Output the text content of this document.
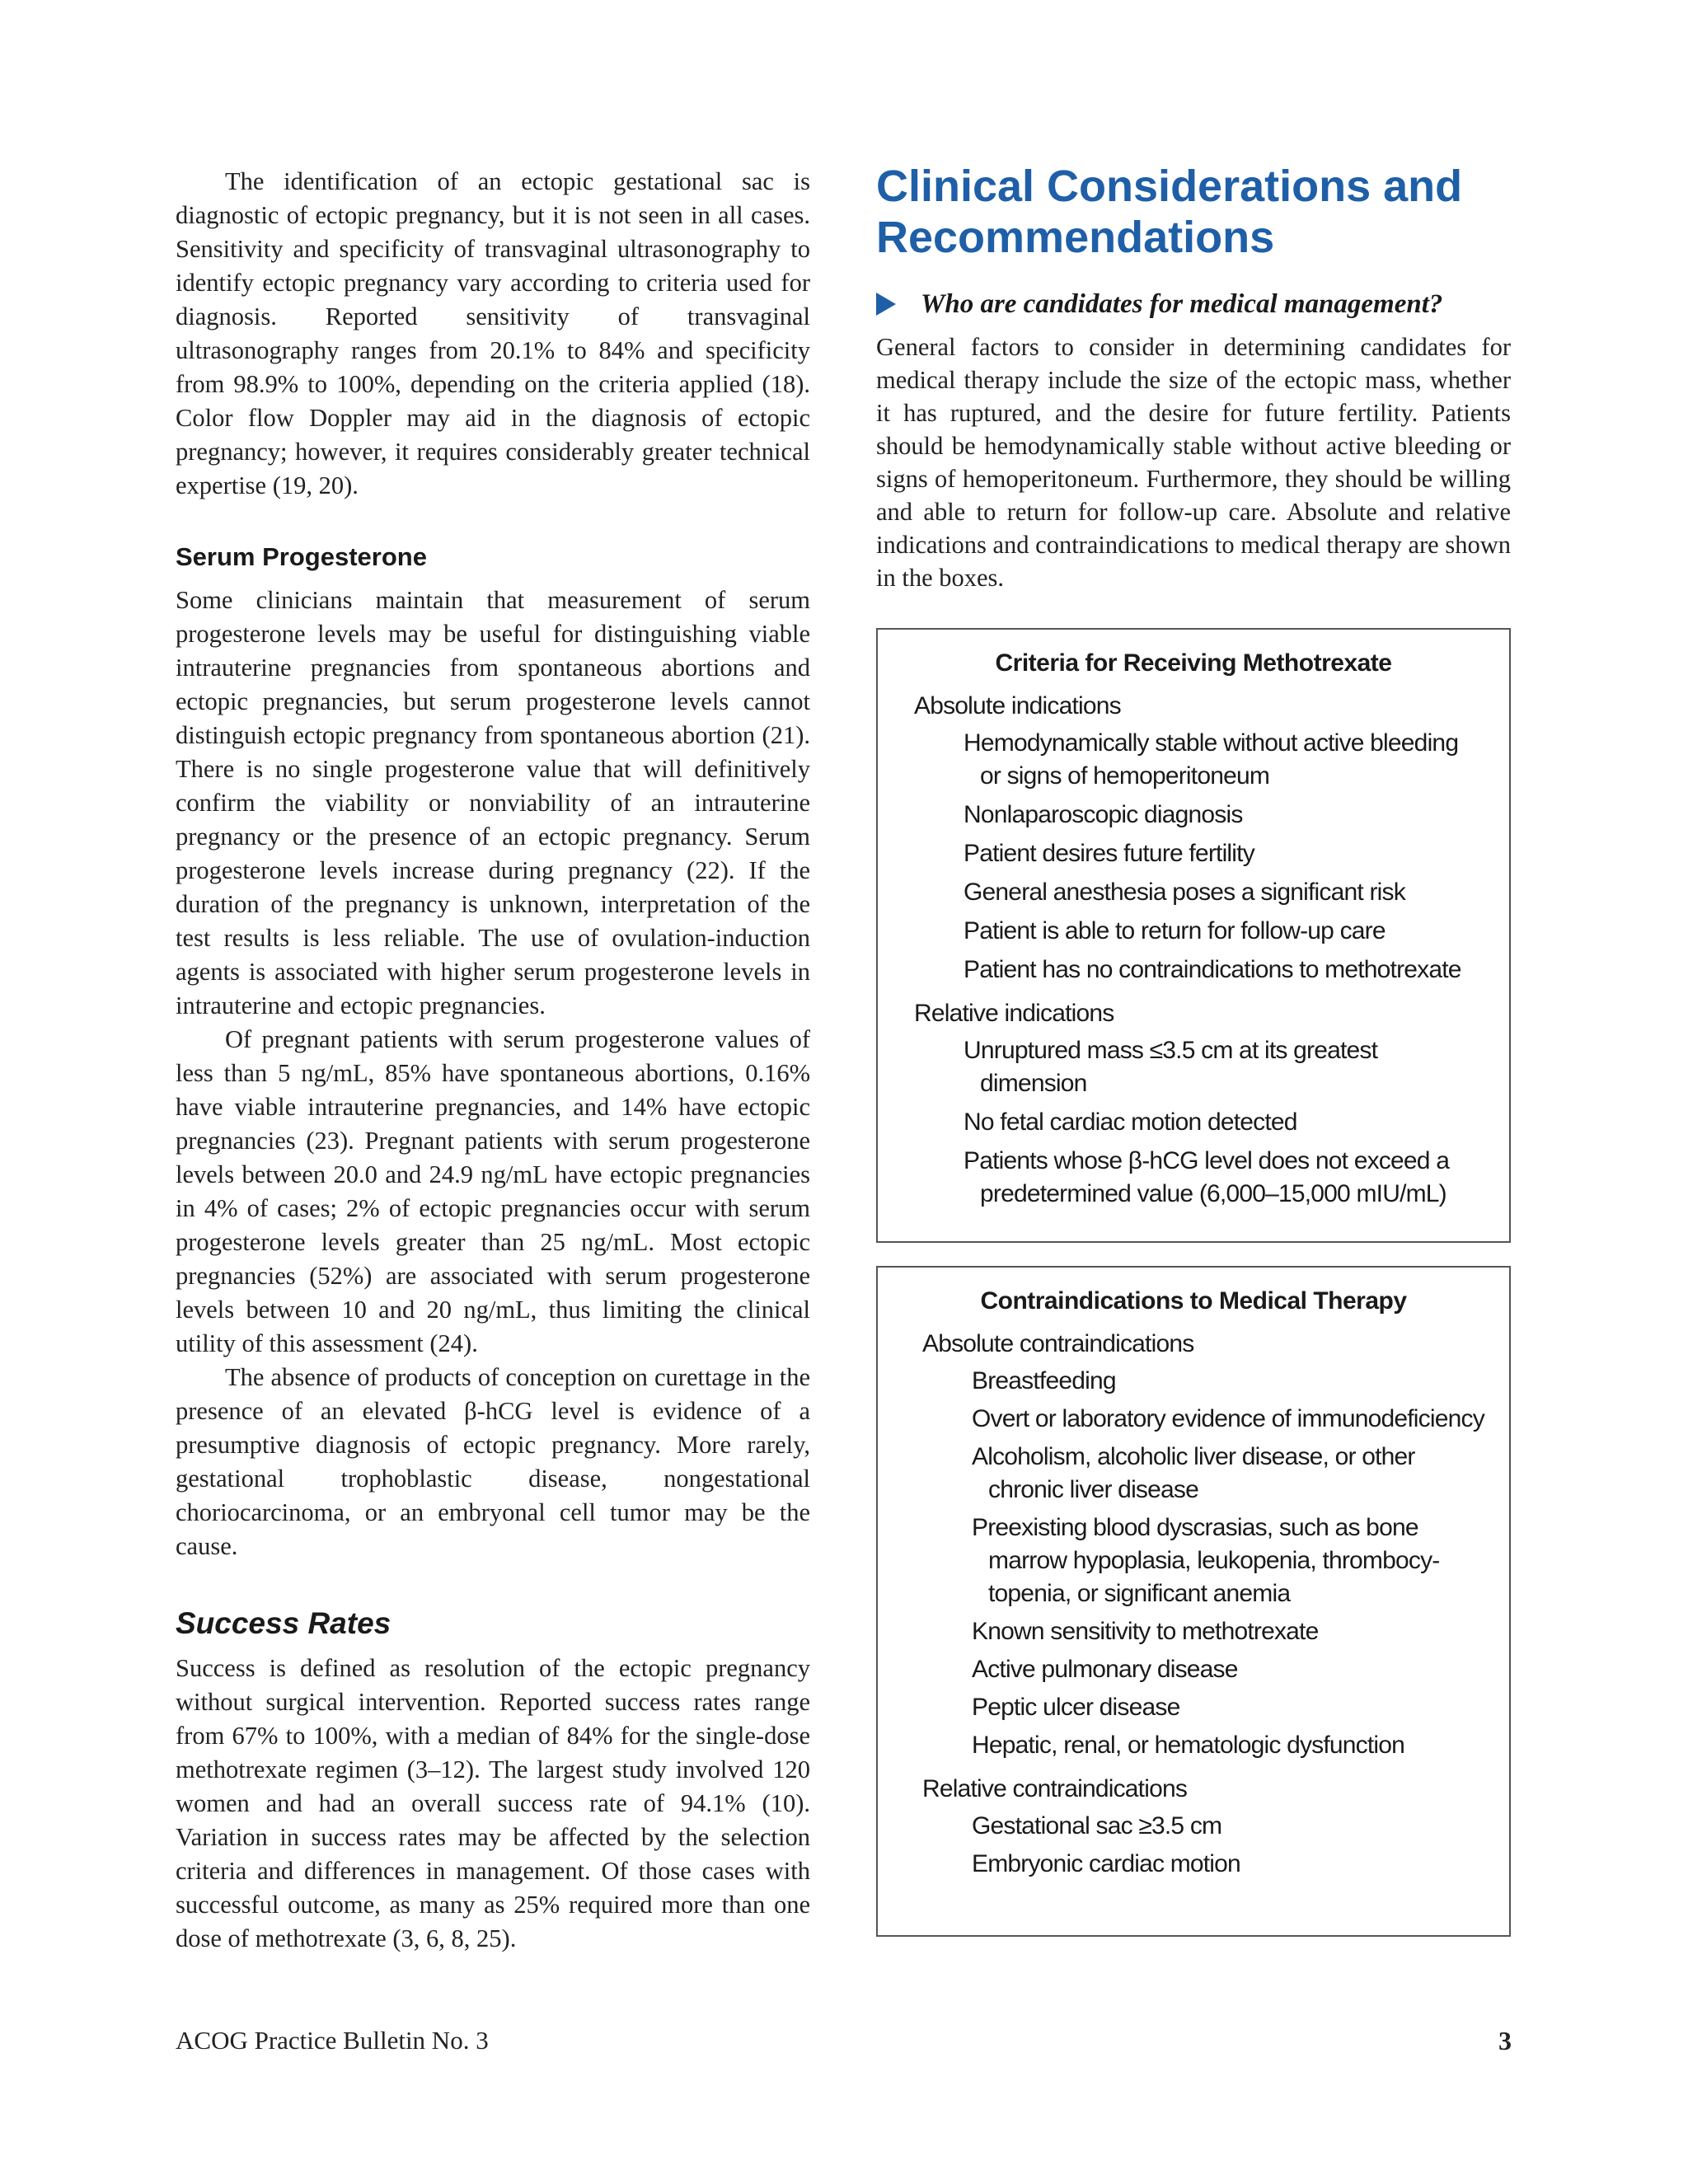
The identification of an ectopic gestational sac is diagnostic of ectopic pregnancy, but it is not seen in all cases. Sensitivity and specificity of transvaginal ultrasonography to identify ectopic pregnancy vary according to criteria used for diagnosis. Reported sensitivity of transvaginal ultrasonography ranges from 20.1% to 84% and specificity from 98.9% to 100%, depending on the criteria applied (18). Color flow Doppler may aid in the diagnosis of ectopic pregnancy; however, it requires considerably greater technical expertise (19, 20).

Serum Progesterone

Some clinicians maintain that measurement of serum progesterone levels may be useful for distinguishing viable intrauterine pregnancies from spontaneous abortions and ectopic pregnancies, but serum progesterone levels cannot distinguish ectopic pregnancy from spontaneous abortion (21). There is no single progesterone value that will definitively confirm the viability or nonviability of an intrauterine pregnancy or the presence of an ectopic pregnancy. Serum progesterone levels increase during pregnancy (22). If the duration of the pregnancy is unknown, interpretation of the test results is less reliable. The use of ovulation-induction agents is associated with higher serum progesterone levels in intrauterine and ectopic pregnancies.

Of pregnant patients with serum progesterone values of less than 5 ng/mL, 85% have spontaneous abortions, 0.16% have viable intrauterine pregnancies, and 14% have ectopic pregnancies (23). Pregnant patients with serum progesterone levels between 20.0 and 24.9 ng/mL have ectopic pregnancies in 4% of cases; 2% of ectopic pregnancies occur with serum progesterone levels greater than 25 ng/mL. Most ectopic pregnancies (52%) are associated with serum progesterone levels between 10 and 20 ng/mL, thus limiting the clinical utility of this assessment (24).

The absence of products of conception on curettage in the presence of an elevated β-hCG level is evidence of a presumptive diagnosis of ectopic pregnancy. More rarely, gestational trophoblastic disease, nongestational choriocarcinoma, or an embryonal cell tumor may be the cause.

Success Rates

Success is defined as resolution of the ectopic pregnancy without surgical intervention. Reported success rates range from 67% to 100%, with a median of 84% for the single-dose methotrexate regimen (3–12). The largest study involved 120 women and had an overall success rate of 94.1% (10). Variation in success rates may be affected by the selection criteria and differences in management. Of those cases with successful outcome, as many as 25% required more than one dose of methotrexate (3, 6, 8, 25).

Clinical Considerations and
Recommendations
Who are candidates for medical management?

General factors to consider in determining candidates for medical therapy include the size of the ectopic mass, whether it has ruptured, and the desire for future fertility. Patients should be hemodynamically stable without active bleeding or signs of hemoperitoneum. Furthermore, they should be willing and able to return for follow-up care. Absolute and relative indications and contraindications to medical therapy are shown in the boxes.

Criteria for Receiving Methotrexate
Absolute indications
Hemodynamically stable without active bleeding
or signs of hemoperitoneum
Nonlaparoscopic diagnosis
Patient desires future fertility
General anesthesia poses a significant risk
Patient is able to return for follow-up care
Patient has no contraindications to methotrexate
Relative indications
Unruptured mass ≤3.5 cm at its greatest
dimension
No fetal cardiac motion detected
Patients whose β-hCG level does not exceed a
predetermined value (6,000–15,000 mIU/mL)
Contraindications to Medical Therapy
Absolute contraindications
Breastfeeding
Overt or laboratory evidence of immunodeficiency
Alcoholism, alcoholic liver disease, or other
chronic liver disease
Preexisting blood dyscrasias, such as bone
marrow hypoplasia, leukopenia, thrombocy-
topenia, or significant anemia
Known sensitivity to methotrexate
Active pulmonary disease
Peptic ulcer disease
Hepatic, renal, or hematologic dysfunction
Relative contraindications
Gestational sac ≥3.5 cm
Embryonic cardiac motion
ACOG Practice Bulletin No. 3	3
